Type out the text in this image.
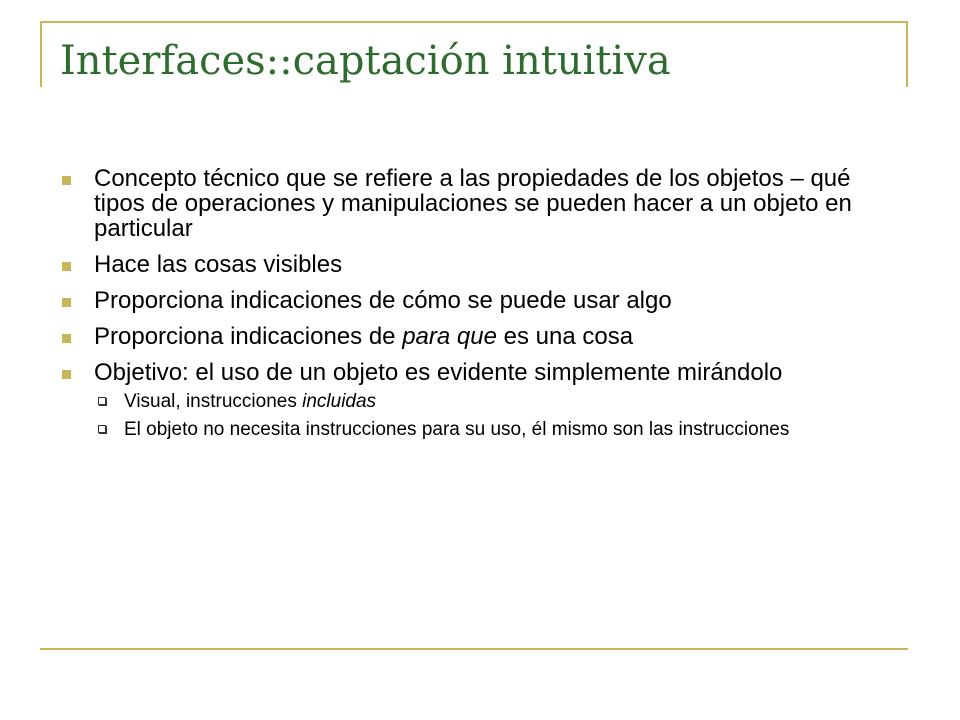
Interfaces::captación intuitiva
Concepto técnico que se refiere a las propiedades de los objetos – qué tipos de operaciones y manipulaciones se pueden hacer a un objeto en particular
Hace las cosas visibles
Proporciona indicaciones de cómo se puede usar algo
Proporciona indicaciones de para que es una cosa
Objetivo: el uso de un objeto es evidente simplemente mirándolo
Visual, instrucciones incluidas
El objeto no necesita instrucciones para su uso, él mismo son las instrucciones
